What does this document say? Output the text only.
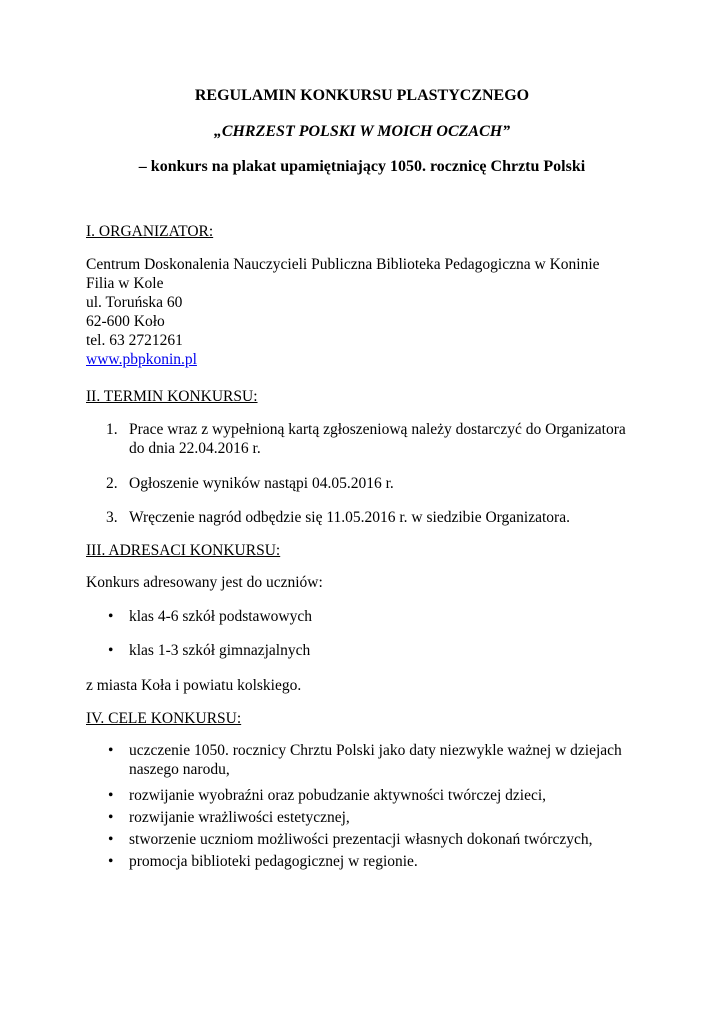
REGULAMIN KONKURSU PLASTYCZNEGO

„CHRZEST POLSKI W MOICH OCZACH”

– konkurs na plakat upamiętniający 1050. rocznicę Chrztu Polski

I. ORGANIZATOR:
Centrum Doskonalenia Nauczycieli Publiczna Biblioteka Pedagogiczna w Koninie
Filia w Kole
ul. Toruńska 60
62-600 Koło
tel. 63 2721261
www.pbpkonin.pl
II. TERMIN KONKURSU:
1. Prace wraz z wypełnioną kartą zgłoszeniową należy dostarczyć do Organizatora
do dnia 22.04.2016 r.
2. Ogłoszenie wyników nastąpi 04.05.2016 r.
3. Wręczenie nagród odbędzie się 11.05.2016 r. w siedzibie Organizatora.
III. ADRESACI KONKURSU:
Konkurs adresowany jest do uczniów:
• klas 4-6 szkół podstawowych
• klas 1-3 szkół gimnazjalnych
z miasta Koła i powiatu kolskiego.
IV. CELE KONKURSU:
• uczczenie 1050. rocznicy Chrztu Polski jako daty niezwykle ważnej w dziejach
naszego narodu,
• rozwijanie wyobraźni oraz pobudzanie aktywności twórczej dzieci,
• rozwijanie wrażliwości estetycznej,
• stworzenie uczniom możliwości prezentacji własnych dokonań twórczych,
• promocja biblioteki pedagogicznej w regionie.
